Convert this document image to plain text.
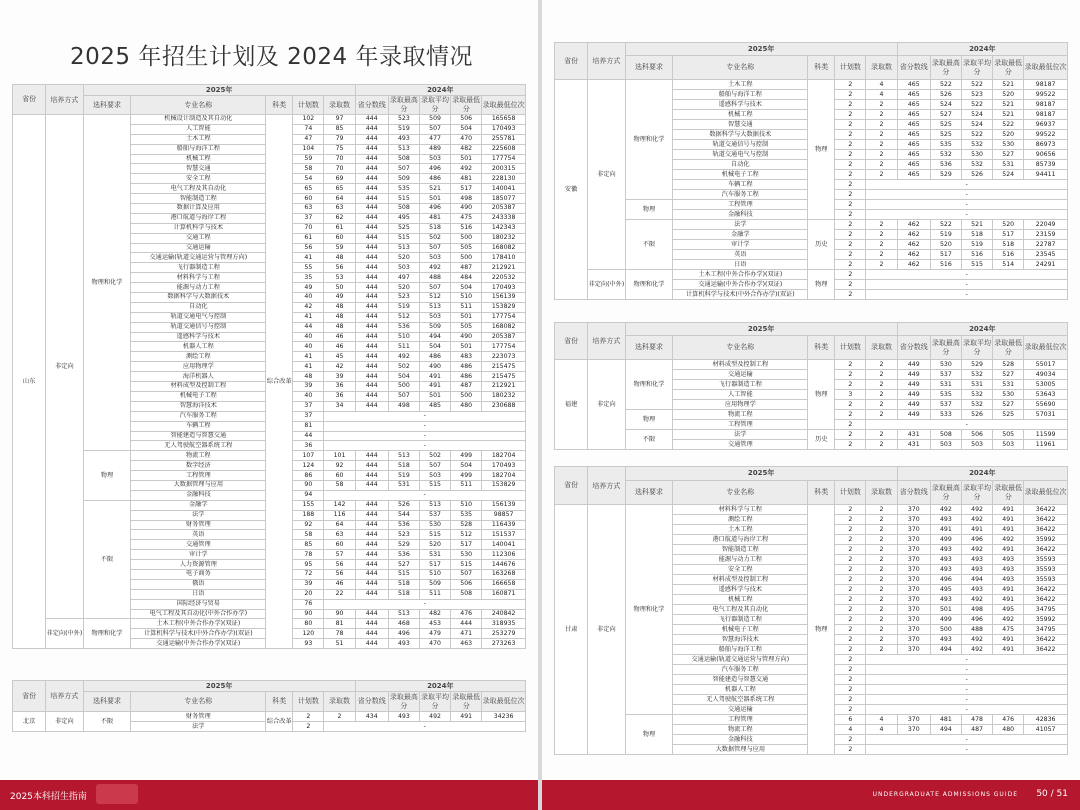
2025 年招生计划及 2024 年录取情况
省份	培养方式	2025年					2024年				
		选科要求	专业名称	科类	计划数	录取数	省分数线	录取最高分	录取平均分	录取最低分	录取最低位次
山东	非定向	物理和化学	机械设计制造及其自动化	综合改革	102	97	444	523	509	506	165658
			人工智能		74	85	444	519	507	504	170493
			土木工程		47	79	444	493	477	470	255781
			船舶与海洋工程		104	75	444	513	489	482	225608
			机械工程		59	70	444	508	503	501	177754
			智慧交通		58	70	444	507	496	492	200315
			安全工程		54	69	444	509	486	481	228130
			电气工程及其自动化		65	65	444	535	521	517	140041
			智能制造工程		60	64	444	515	501	498	185077
			数据计算及应用		63	63	444	508	496	490	205387
			港口航道与海岸工程		37	62	444	495	481	475	243338
			计算机科学与技术		70	61	444	525	518	516	142343
			交通工程		61	60	444	515	502	500	180232
			交通运输		56	59	444	513	507	505	168082
			交通运输(轨道交通运营与管理方向)		41	48	444	520	503	500	178410
			飞行器制造工程		55	56	444	503	492	487	212921
			材料科学与工程		35	53	444	497	488	484	220532
			能源与动力工程		49	50	444	520	507	504	170493
			数据科学与大数据技术		40	49	444	523	512	510	156139
			自动化		42	48	444	519	513	511	153829
			轨道交通电气与控制		41	48	444	512	503	501	177754
			轨道交通信号与控制		44	48	444	536	509	505	168082
			遥感科学与技术		40	46	444	510	494	490	205387
			机器人工程		40	46	444	511	504	501	177754
			测绘工程		41	45	444	492	486	483	223073
			应用物理学		41	42	444	502	490	486	215475
			海洋机器人		48	39	444	504	491	486	215475
			材料成型及控制工程		39	36	444	500	491	487	212921
			机械电子工程		40	36	444	507	501	500	180232
			智慧海洋技术		37	34	444	498	485	480	230688
			汽车服务工程		37	-					
			车辆工程		81	-					
			智能建造与智慧交通		44	-					
			无人驾驶航空器系统工程		36	-					
		物理	物流工程		107	101	444	513	502	499	182704
			数字经济		124	92	444	518	507	504	170493
			工程管理		86	60	444	519	503	499	182704
			大数据管理与应用		90	58	444	531	515	511	153829
			金融科技		94	-					
		不限	金融学		155	142	444	526	513	510	156139
			法学		188	116	444	544	537	535	98857
			财务管理		92	64	444	536	530	528	116439
			英语		58	63	444	523	515	512	151537
			交通管理		85	60	444	529	520	517	140041
			审计学		78	57	444	536	531	530	112306
			人力资源管理		95	56	444	527	517	515	144676
			电子商务		72	56	444	515	510	507	163268
			俄语		39	46	444	518	509	506	166658
			日语		20	22	444	518	511	508	160871
			国际经济与贸易		76	-					
			电气工程及其自动化(中外合作办学)		90	90	444	513	482	476	240842
	非定向(中外)	物理和化学	土木工程(中外合作办学)(双证)		80	81	444	468	453	444	318935
			计算机科学与技术(中外合作办学)(双证)		120	78	444	496	479	471	253279
			交通运输(中外合作办学)(双证)		93	51	444	493	470	463	273263
省份	培养方式	2025年					2024年				
		选科要求	专业名称	科类	计划数	录取数	省分数线	录取最高分	录取平均分	录取最低分	录取最低位次
北京	非定向	不限	财务管理	综合改革	2	2	434	493	492	491	34236
			法学		2	-					
2025本科招生指南
省份	培养方式	2025年					2024年				
		选科要求	专业名称	科类	计划数	录取数	省分数线	录取最高分	录取平均分	录取最低分	录取最低位次
安徽	非定向	物理和化学	土木工程	物理	2	4	465	522	522	521	98187
			船舶与海洋工程		2	4	465	526	523	520	99522
			遥感科学与技术		2	2	465	524	522	521	98187
			机械工程		2	2	465	527	524	521	98187
			智慧交通		2	2	465	525	524	522	96937
			数据科学与大数据技术		2	2	465	525	522	520	99522
			轨道交通信号与控制		2	2	465	535	532	530	86973
			轨道交通电气与控制		2	2	465	532	530	527	90656
			自动化		2	2	465	536	532	531	85739
			机械电子工程		2	2	465	529	526	524	94411
			车辆工程		2	-					
			汽车服务工程		2	-					
		物理	工程管理		2	-					
			金融科技		2	-					
		不限	法学	历史	2	2	462	522	521	520	22049
			金融学		2	2	462	519	518	517	23159
			审计学		2	2	462	520	519	518	22787
			英语		2	2	462	517	516	516	23545
			日语		2	2	462	516	515	514	24291
	非定向(中外)	物理和化学	土木工程(中外合作办学)(双证)	物理	2	-					
			交通运输(中外合作办学)(双证)		2	-					
			计算机科学与技术(中外合作办学)(双证)		2	-					
省份	培养方式	2025年					2024年				
		选科要求	专业名称	科类	计划数	录取数	省分数线	录取最高分	录取平均分	录取最低分	录取最低位次
福建	非定向	物理和化学	材料成型及控制工程	物理	2	2	449	530	529	528	55017
			交通运输		2	2	449	537	532	527	49034
			飞行器制造工程		2	2	449	531	531	531	53005
			人工智能		3	2	449	535	532	530	53643
			应用物理学		2	2	449	537	532	527	55690
		物理	物流工程		2	2	449	533	526	525	57031
			工程管理		2	-					
		不限	法学	历史	2	2	431	508	506	505	11599
			交通管理		2	2	431	503	503	503	11961
省份	培养方式	2025年					2024年				
		选科要求	专业名称	科类	计划数	录取数	省分数线	录取最高分	录取平均分	录取最低分	录取最低位次
甘肃	非定向	物理和化学	材料科学与工程	物理	2	2	370	492	492	491	36422
			测绘工程		2	2	370	493	492	491	36422
			土木工程		2	2	370	491	491	491	36422
			港口航道与海岸工程		2	2	370	499	496	492	35992
			智能制造工程		2	2	370	493	492	491	36422
			能源与动力工程		2	2	370	493	493	493	35593
			安全工程		2	2	370	493	493	493	35593
			材料成型及控制工程		2	2	370	496	494	493	35593
			遥感科学与技术		2	2	370	495	493	491	36422
			机械工程		2	2	370	493	492	491	36422
			电气工程及其自动化		2	2	370	501	498	495	34795
			飞行器制造工程		2	2	370	499	496	492	35992
			机械电子工程		2	2	370	500	488	475	34795
			智慧海洋技术		2	2	370	493	492	491	36422
			船舶与海洋工程		2	2	370	494	492	491	36422
			交通运输(轨道交通运营与管理方向)		2	-					
			汽车服务工程		2	-					
			智能建造与智慧交通		2	-					
			机器人工程		2	-					
			无人驾驶航空器系统工程		2	-					
			交通运输		2	-					
		物理	工程管理		6	4	370	481	478	476	42836
			物流工程		4	4	370	494	487	480	41057
			金融科技		2	-					
			大数据管理与应用		2	-					
UNDERGRADUATE ADMISSIONS GUIDE 50 / 51
